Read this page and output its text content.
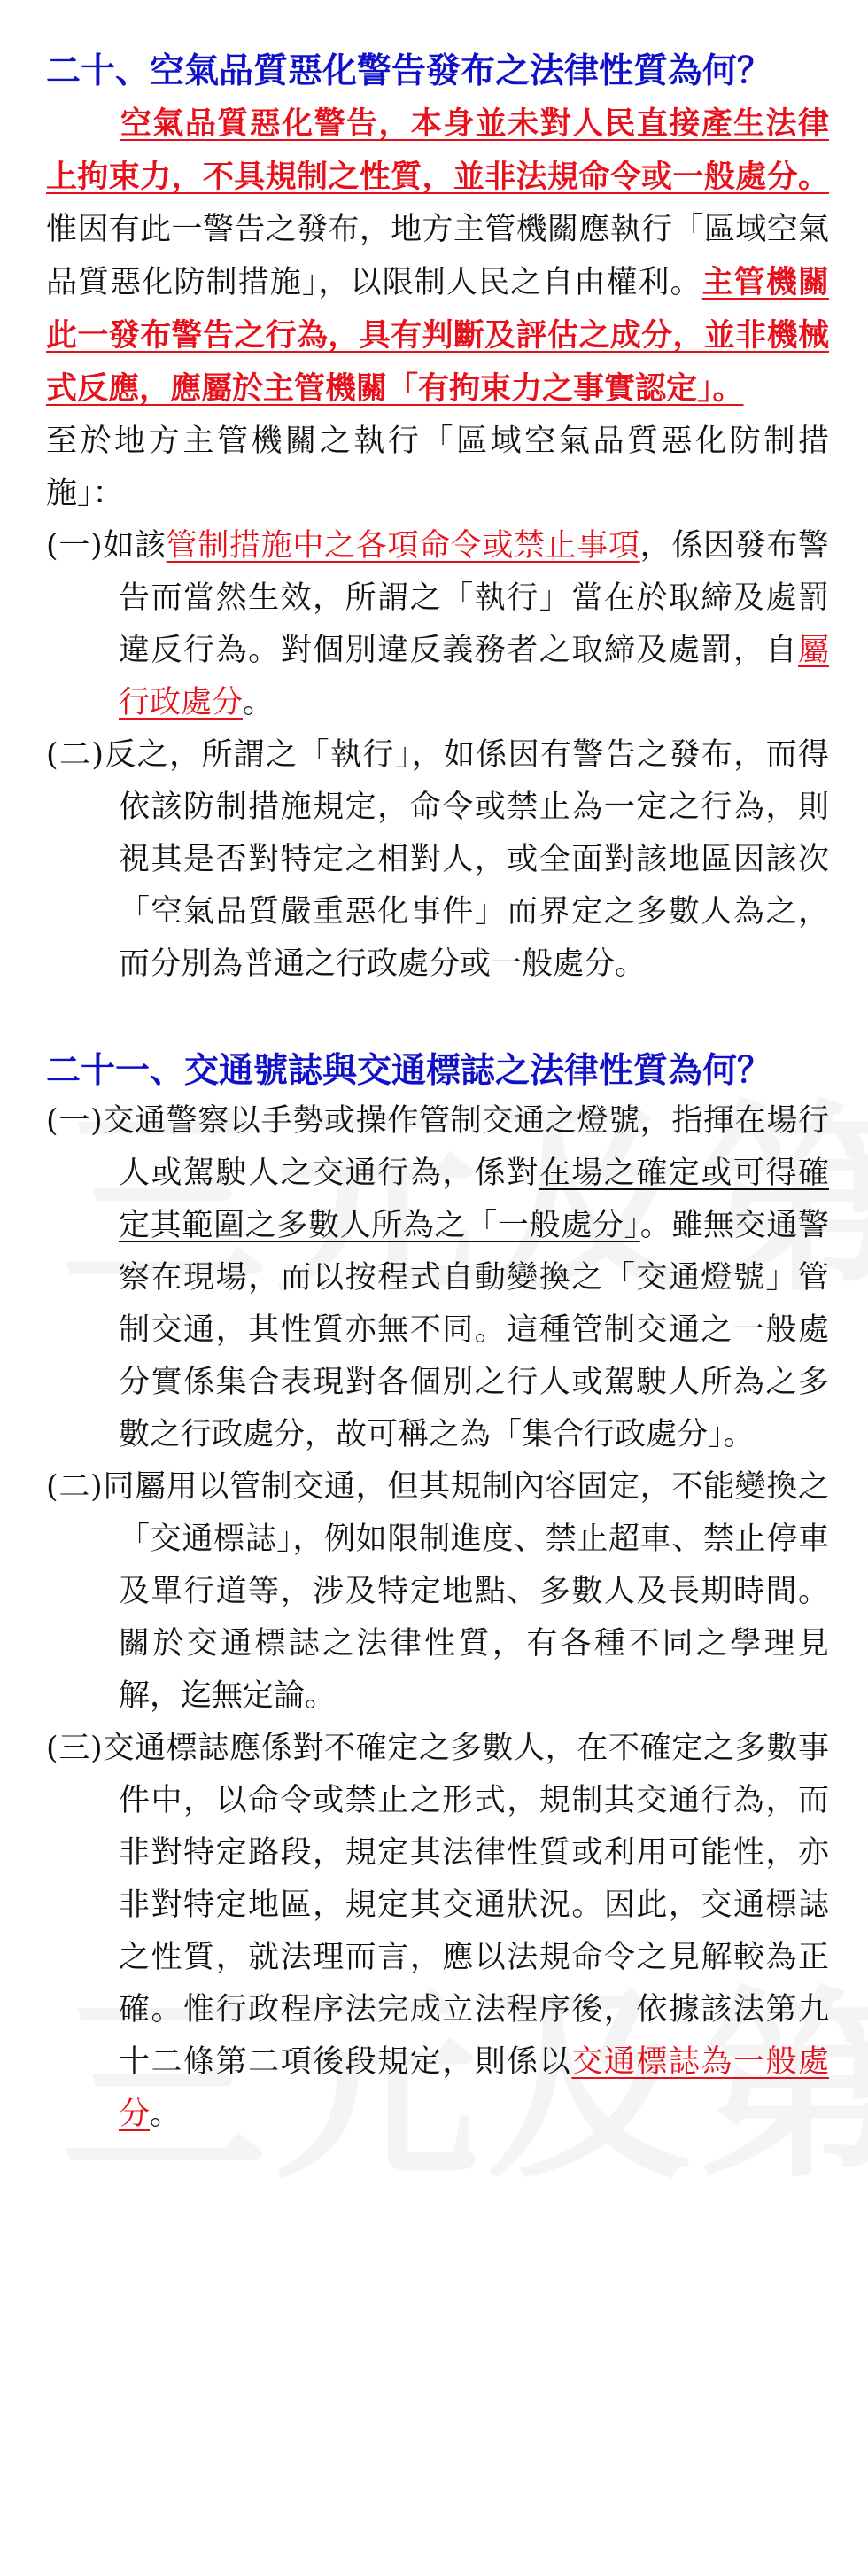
二十、空氣品質惡化警告發布之法律性質為何？

空氣品質惡化警告，本身並未對人民直接產生法律上拘束力，不具規制之性質，並非法規命令或一般處分。惟因有此一警告之發布，地方主管機關應執行「區域空氣品質惡化防制措施」，以限制人民之自由權利。主管機關此一發布警告之行為，具有判斷及評估之成分，並非機械式反應，應屬於主管機關「有拘束力之事實認定」。

至於地方主管機關之執行「區域空氣品質惡化防制措施」：

(一)如該管制措施中之各項命令或禁止事項，係因發布警告而當然生效，所謂之「執行」當在於取締及處罰違反行為。對個別違反義務者之取締及處罰，自屬行政處分。

(二)反之，所謂之「執行」，如係因有警告之發布，而得依該防制措施規定，命令或禁止為一定之行為，則視其是否對特定之相對人，或全面對該地區因該次「空氣品質嚴重惡化事件」而界定之多數人為之，而分別為普通之行政處分或一般處分。

二十一、交通號誌與交通標誌之法律性質為何？

(一)交通警察以手勢或操作管制交通之燈號，指揮在場行人或駕駛人之交通行為，係對在場之確定或可得確定其範圍之多數人所為之「一般處分」。雖無交通警察在現場，而以按程式自動變換之「交通燈號」管制交通，其性質亦無不同。這種管制交通之一般處分實係集合表現對各個別之行人或駕駛人所為之多數之行政處分，故可稱之為「集合行政處分」。

(二)同屬用以管制交通，但其規制內容固定，不能變換之「交通標誌」，例如限制進度、禁止超車、禁止停車及單行道等，涉及特定地點、多數人及長期時間。關於交通標誌之法律性質，有各種不同之學理見解，迄無定論。

(三)交通標誌應係對不確定之多數人，在不確定之多數事件中，以命令或禁止之形式，規制其交通行為，而非對特定路段，規定其法律性質或利用可能性，亦非對特定地區，規定其交通狀況。因此，交通標誌之性質，就法理而言，應以法規命令之見解較為正確。惟行政程序法完成立法程序後，依據該法第九十二條第二項後段規定，則係以交通標誌為一般處分。
